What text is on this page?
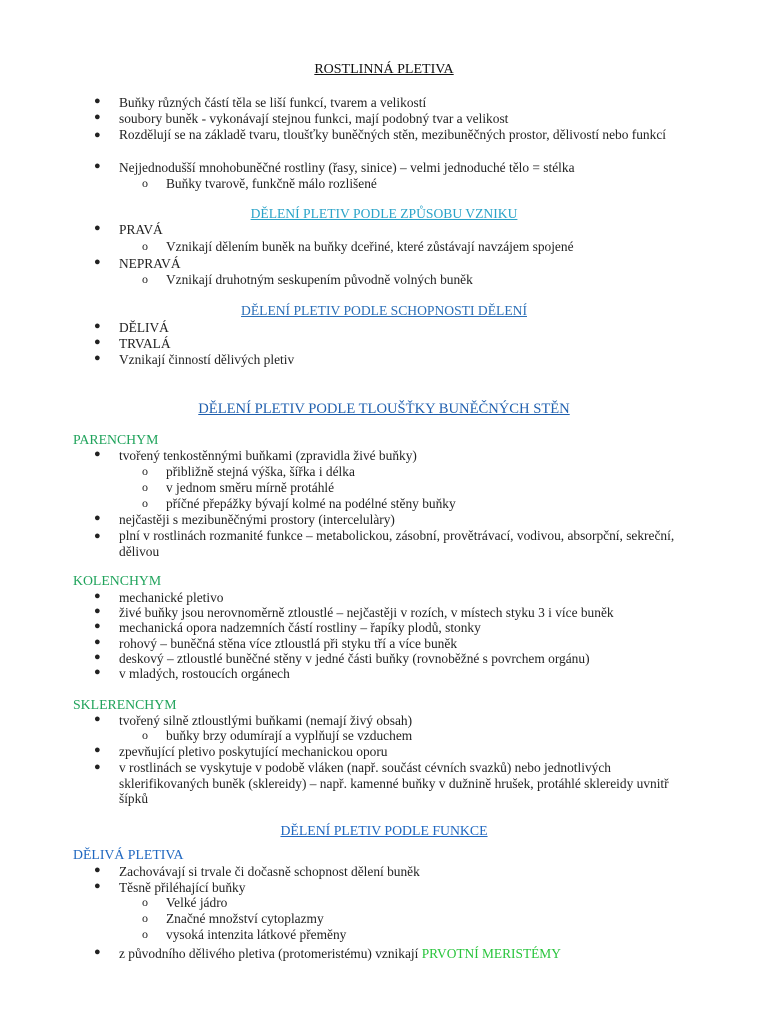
ROSTLINNÁ PLETIVA
● Buňky různých částí těla se liší funkcí, tvarem a velikostí
● soubory buněk - vykonávají stejnou funkci, mají podobný tvar a velikost
● Rozdělují se na základě tvaru, tloušťky buněčných stěn, mezibuněčných prostor, dělivostí nebo funkcí
● Nejjednodušší mnohobuněčné rostliny (řasy, sinice) – velmi jednoduché tělo = stélka
o Buňky tvarově, funkčně málo rozlišené
DĚLENÍ PLETIV PODLE ZPŮSOBU VZNIKU
● PRAVÁ
o Vznikají dělením buněk na buňky dceřiné, které zůstávají navzájem spojené
● NEPRAVÁ
o Vznikají druhotným seskupením původně volných buněk
DĚLENÍ PLETIV PODLE SCHOPNOSTI DĚLENÍ
● DĚLIVÁ
● TRVALÁ
● Vznikají činností dělivých pletiv
DĚLENÍ PLETIV PODLE TLOUŠŤKY BUNĚČNÝCH STĚN
PARENCHYM
● tvořený tenkostěnnými buňkami (zpravidla živé buňky)
o přibližně stejná výška, šířka i délka
o v jednom směru mírně protáhlé
o příčné přepážky bývají kolmé na podélné stěny buňky
● nejčastěji s mezibuněčnými prostory (intercelulàry)
● plní v rostlinách rozmanité funkce – metabolickou, zásobní, provětrávací, vodivou, absorpční, sekreční, dělivou
KOLENCHYM
● mechanické pletivo
● živé buňky jsou nerovnoměrně ztloustlé – nejčastěji v rozích, v místech styku 3 i více buněk
● mechanická opora nadzemních částí rostliny – řapíky plodů, stonky
● rohový – buněčná stěna více ztloustlá při styku tří a více buněk
● deskový – ztloustlé buněčné stěny v jedné části buňky (rovnoběžné s povrchem orgánu)
● v mladých, rostoucích orgánech
SKLERENCHYM
● tvořený silně ztloustlými buňkami (nemají živý obsah)
o buňky brzy odumírají a vyplňují se vzduchem
● zpevňující pletivo poskytující mechanickou oporu
● v rostlinách se vyskytuje v podobě vláken (např. součást cévních svazků) nebo jednotlivých sklerifikovaných buněk (sklereidy) – např. kamenné buňky v dužnině hrušek, protáhlé sklereidy uvnitř šípků
DĚLENÍ PLETIV PODLE FUNKCE
DĚLIVÁ PLETIVA
● Zachovávají si trvale či dočasně schopnost dělení buněk
● Těsně přiléhající buňky
o Velké jádro
o Značné množství cytoplazmy
o vysoká intenzita látkové přeměny
● z původního dělivého pletiva (protomeristému) vznikají PRVOTNÍ MERISTÉMY
